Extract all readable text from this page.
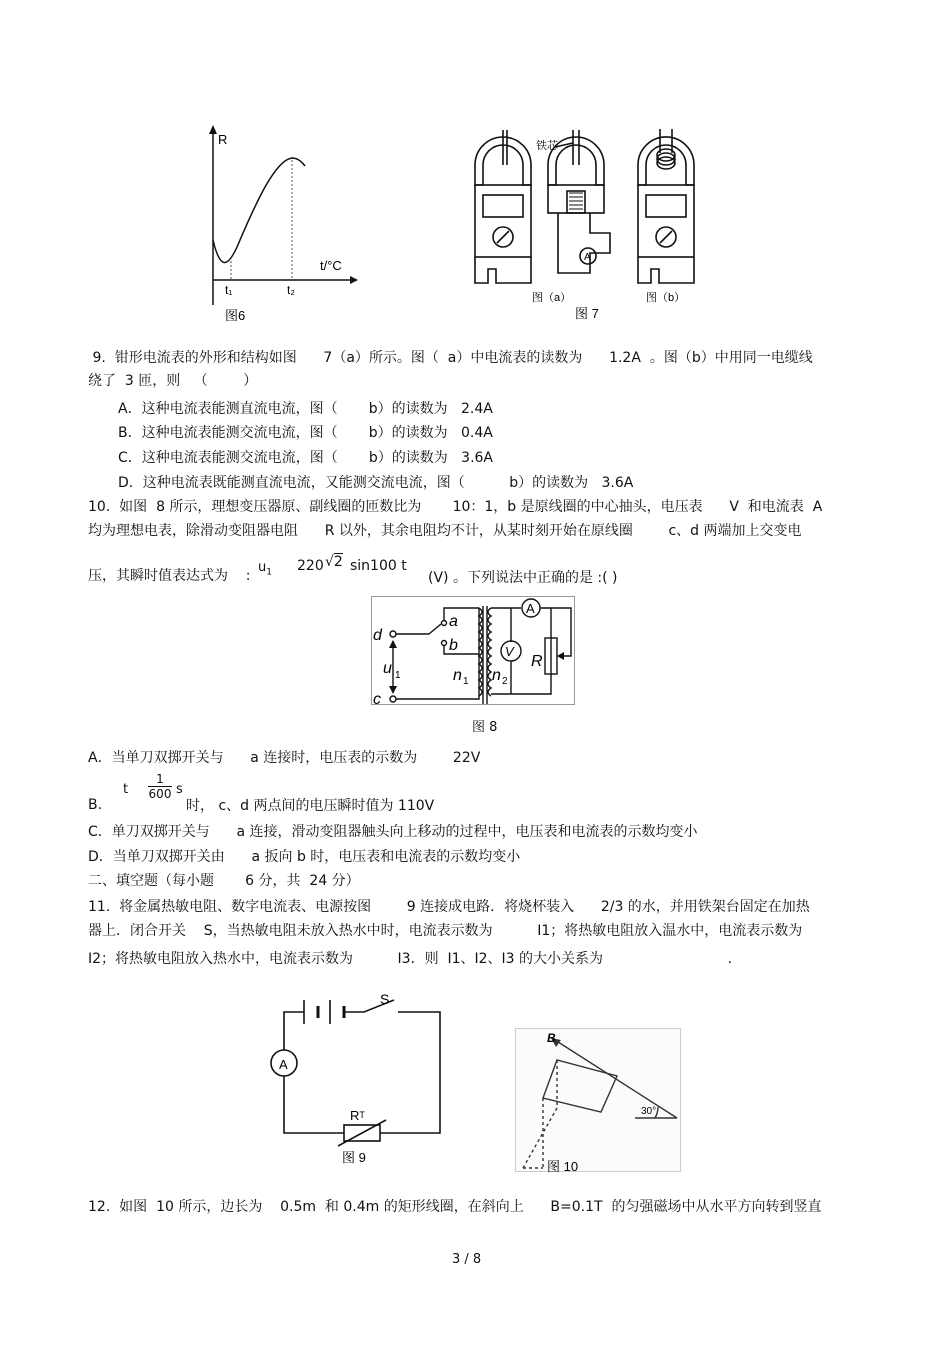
R
t/°C
t₁	t₂
图6
铁芯
A
图（a）	图（b）
图 7
9.  钳形电流表的外形和结构如图      7（a）所示。图（  a）中电流表的读数为      1.2A  。图（b）中用同一电缆线
绕了  3 匝，则   （        ）
A．这种电流表能测直流电流，图（       b）的读数为   2.4A
B．这种电流表能测交流电流，图（       b）的读数为   0.4A
C．这种电流表能测交流电流，图（       b）的读数为   3.6A
D．这种电流表既能测直流电流，又能测交流电流，图（          b）的读数为   3.6A
10.  如图  8 所示，理想变压器原、副线圈的匝数比为       10：1，b 是原线圈的中心抽头，电压表      V  和电流表  A
均为理想电表，除滑动变阻器电阻      R 以外，其余电阻均不计，从某时刻开始在原线圈        c、d 两端加上交变电
压，其瞬时值表达式为    :
$u_1$ 220 √2 sin100 t
(V) 。下列说法中正确的是 :( )
d
c
a
b
u	n n
R
1
1	2
V
A
图 8
A．当单刀双掷开关与      a 连接时，电压表的示数为        22V
B.
t $\frac{1}{600}$ s
时， c、d 两点间的电压瞬时值为 110V
C．单刀双掷开关与      a 连接，滑动变阻器触头向上移动的过程中，电压表和电流表的示数均变小
D．当单刀双掷开关由      a 扳向 b 时，电压表和电流表的示数均变小
二、填空题（每小题       6 分，共  24 分）
11.  将金属热敏电阻、数字电流表、电源按图        9 连接成电路．将烧杯装入      2/3 的水，并用铁架台固定在加热
器上．闭合开关    S，当热敏电阻未放入热水中时，电流表示数为          I1；将热敏电阻放入温水中，电流表示数为
I2；将热敏电阻放入热水中，电流表示数为          I3．则  I1、I2、I3 的大小关系为                            .
S
A
RT
图 9
B
30°
图 10
12.  如图  10 所示，边长为    0.5m  和 0.4m 的矩形线圈，在斜向上      B=0.1T  的匀强磁场中从水平方向转到竖直
3 / 8
